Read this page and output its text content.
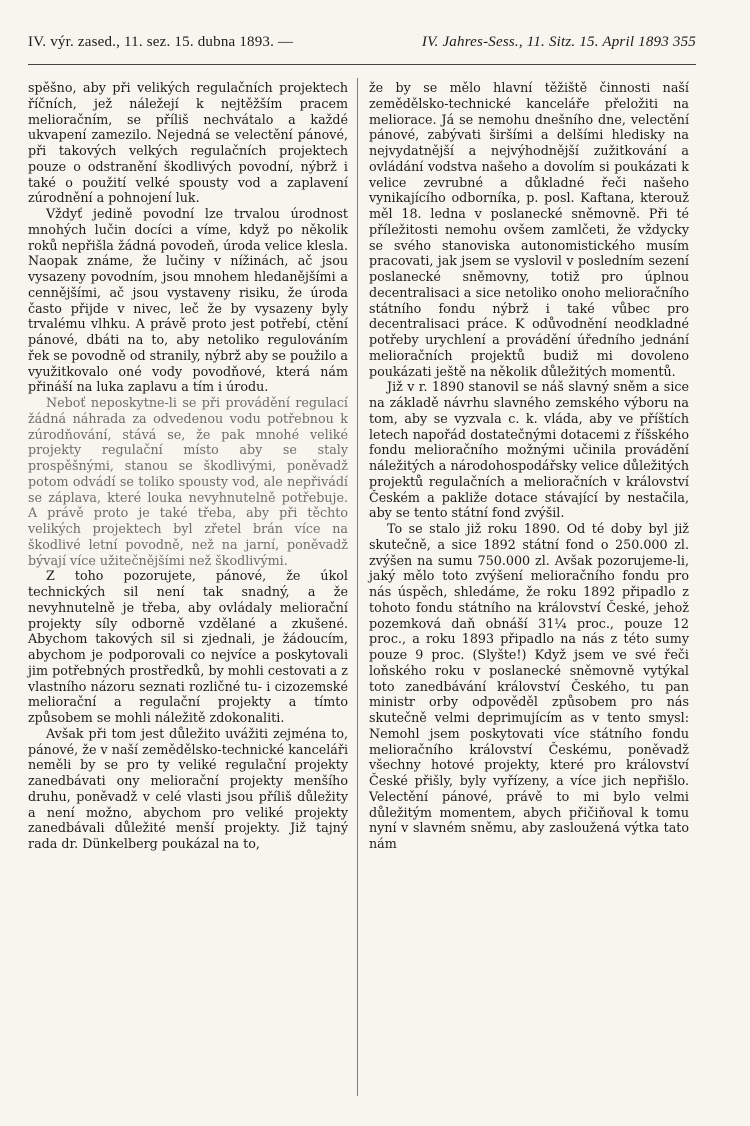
IV. výr. zased., 11. sez. 15. dubna 1893. —	IV. Jahres-Sess., 11. Sitz. 15. April 1893 355

spěšno, aby při velikých regulačních projektech říčních, jež náležejí k nejtěžším pracem melioračním, se příliš nechvátalo a každé ukvapení zamezilo. Nejedná se velectění pánové, při takových velkých regulačních projektech pouze o odstranění škodlivých povodní, nýbrž i také o použití velké spousty vod a zaplavení zúrodnění a pohnojení luk.

Vždyť jedině povodní lze trvalou úrodnost mnohých lučin docíci a víme, když po několik roků nepřišla žádná povodeň, úroda velice klesla. Naopak známe, že lučiny v nížinách, ač jsou vysazeny povodním, jsou mnohem hledanějšími a cennějšími, ač jsou vystaveny risiku, že úroda často přijde v nivec, leč že by vysazeny byly trvalému vlhku. A právě proto jest potřebí, ctění pánové, dbáti na to, aby netoliko regulováním řek se povodně od stranily, nýbrž aby se použilo a využitkovalo oné vody povodňové, která nám přináší na luka zaplavu a tím i úrodu.

Neboť neposkytne-li se při provádění regulací žádná náhrada za odvedenou vodu potřebnou k zúrodňování, stává se, že pak mnohé veliké projekty regulační místo aby se staly prospěšnými, stanou se škodlivými, poněvadž potom odvádí se toliko spousty vod, ale nepřivádí se záplava, které louka nevyhnutelně potřebuje. A právě proto je také třeba, aby při těchto velikých projektech byl zřetel brán více na škodlivé letní povodně, než na jarní, poněvadž bývají více užitečnějšími než škodlivými.

Z toho pozorujete, pánové, že úkol technických sil není tak snadný, a že nevyhnutelně je třeba, aby ovládaly meliorační projekty síly odborně vzdělané a zkušené. Abychom takových sil si zjednali, je žádoucím, abychom je podporovali co nejvíce a poskytovali jim potřebných prostředků, by mohli cestovati a z vlastního názoru seznati rozličné tu- i cizozemské meliorační a regulační projekty a tímto způsobem se mohli náležitě zdokonaliti.

Avšak při tom jest důležito uvážiti zejména to, pánové, že v naší zemědělsko-technické kanceláři neměli by se pro ty veliké regulační projekty zanedbávati ony meliorační projekty menšího druhu, poněvadž v celé vlasti jsou příliš důležity a není možno, abychom pro veliké projekty zanedbávali důležité menší projekty. Již tajný rada dr. Dünkelberg poukázal na to,

že by se mělo hlavní těžiště činnosti naší zemědělsko-technické kanceláře přeložiti na meliorace. Já se nemohu dnešního dne, velectění pánové, zabývati širšími a delšími hledisky na nejvydatnější a nejvýhodnější zužitkování a ovládání vodstva našeho a dovolím si poukázati k velice zevrubné a důkladné řeči našeho vynikajícího odborníka, p. posl. Kaftana, kterouž měl 18. ledna v poslanecké sněmovně. Při té příležitosti nemohu ovšem zamlčeti, že vždycky se svého stanoviska autonomistického musím pracovati, jak jsem se vyslovil v posledním sezení poslanecké sněmovny, totiž pro úplnou decentralisaci a sice netoliko onoho melioračního státního fondu nýbrž i také vůbec pro decentralisaci práce. K odůvodnění neodkladné potřeby urychlení a provádění úředního jednání melioračních projektů budiž mi dovoleno poukázati ještě na několik důležitých momentů.

Již v r. 1890 stanovil se náš slavný sněm a sice na základě návrhu slavného zemského výboru na tom, aby se vyzvala c. k. vláda, aby ve příštích letech napořád dostatečnými dotacemi z říšského fondu melioračního možnými učinila provádění náležitých a národohospodářsky velice důležitých projektů regulačních a melioračních v království Českém a pakliže dotace stávající by nestačila, aby se tento státní fond zvýšil.

To se stalo již roku 1890. Od té doby byl již skutečně, a sice 1892 státní fond o 250.000 zl. zvýšen na sumu 750.000 zl. Avšak pozorujeme-li, jaký mělo toto zvýšení melioračního fondu pro nás úspěch, shledáme, že roku 1892 připadlo z tohoto fondu státního na království České, jehož pozemková daň obnáší 31¼ proc., pouze 12 proc., a roku 1893 připadlo na nás z této sumy pouze 9 proc. (Slyšte!) Když jsem ve své řeči loňského roku v poslanecké sněmovně vytýkal toto zanedbávání království Českého, tu pan ministr orby odpověděl způsobem pro nás skutečně velmi deprimujícím as v tento smysl: Nemohl jsem poskytovati více státního fondu melioračního království Českému, poněvadž všechny hotové projekty, které pro království České přišly, byly vyřízeny, a více jich nepřišlo. Velectění pánové, právě to mi bylo velmi důležitým momentem, abych přičiňoval k tomu nyní v slavném sněmu, aby zasloužená výtka tato nám
